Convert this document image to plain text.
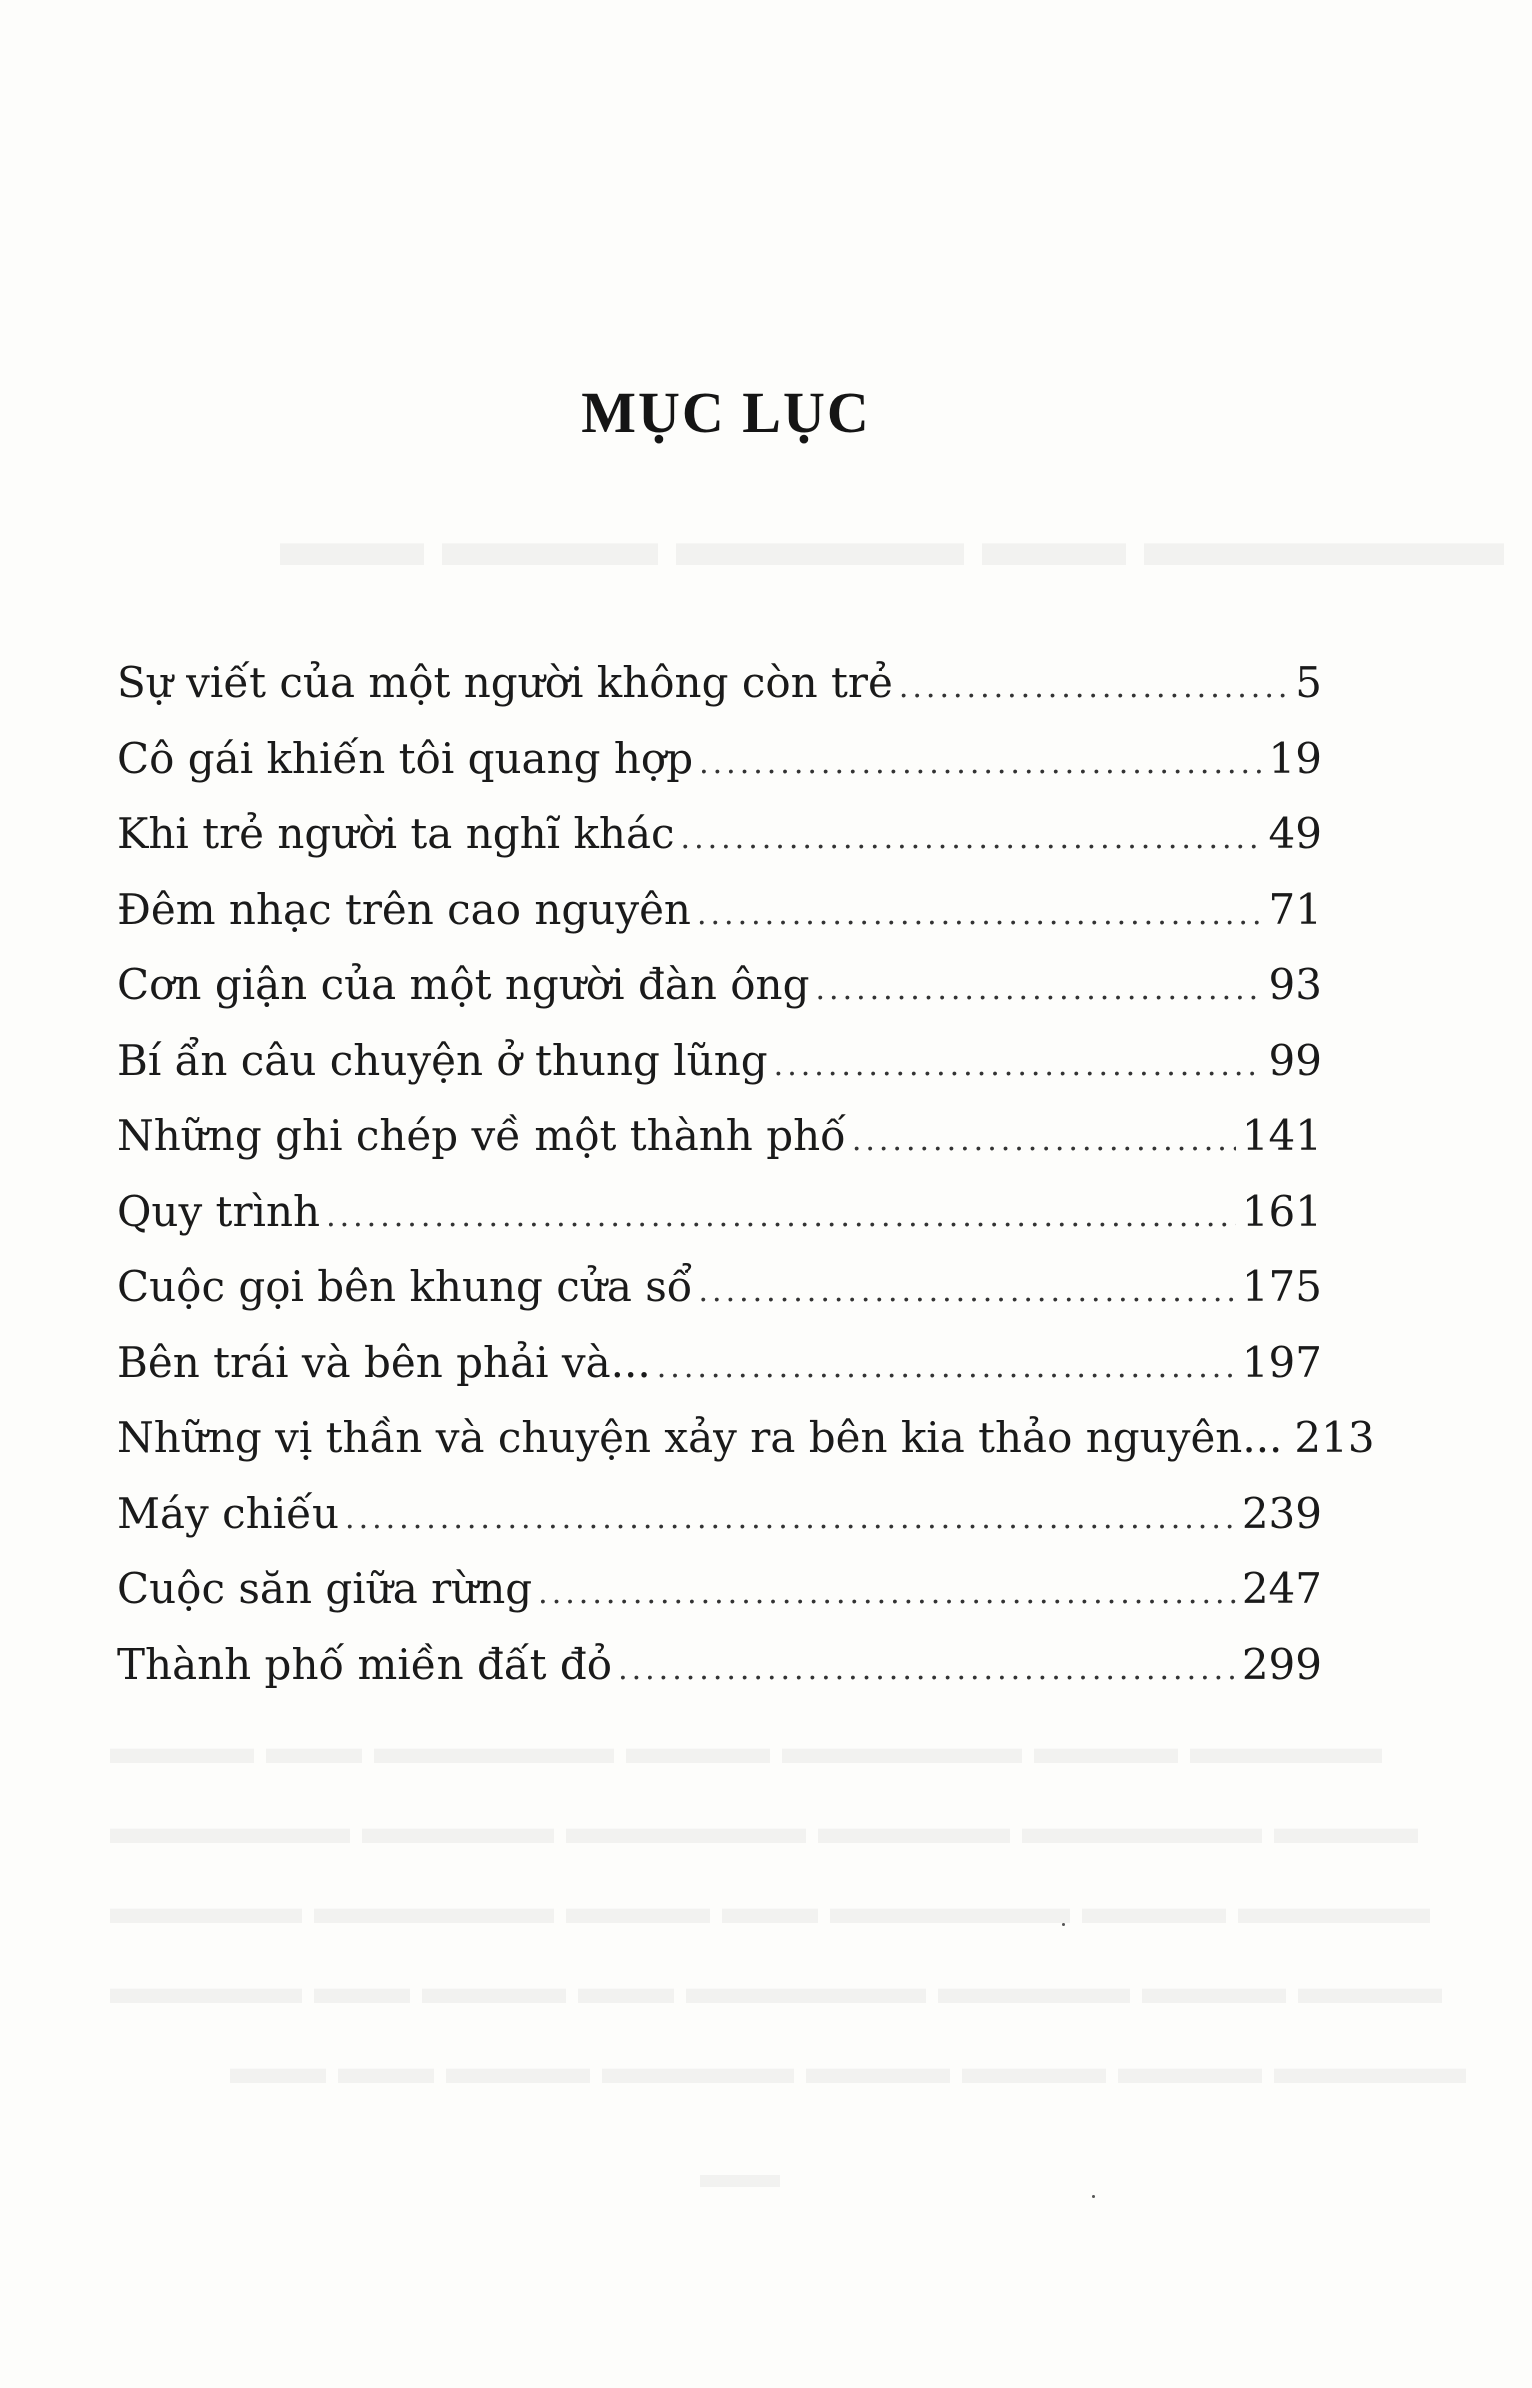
MỤC LỤC
Sự viết của một người không còn trẻ .....	5
Cô gái khiến tôi quang hợp .....	19
Khi trẻ người ta nghĩ khác .....	49
Đêm nhạc trên cao nguyên .....	71
Cơn giận của một người đàn ông .....	93
Bí ẩn câu chuyện ở thung lũng .....	99
Những ghi chép về một thành phố .....	141
Quy trình .....	161
Cuộc gọi bên khung cửa sổ .....	175
Bên trái và bên phải và... .....	197
Những vị thần và chuyện xảy ra bên kia thảo nguyên... 213
Máy chiếu .....	239
Cuộc săn giữa rừng .....	247
Thành phố miền đất đỏ .....	299
